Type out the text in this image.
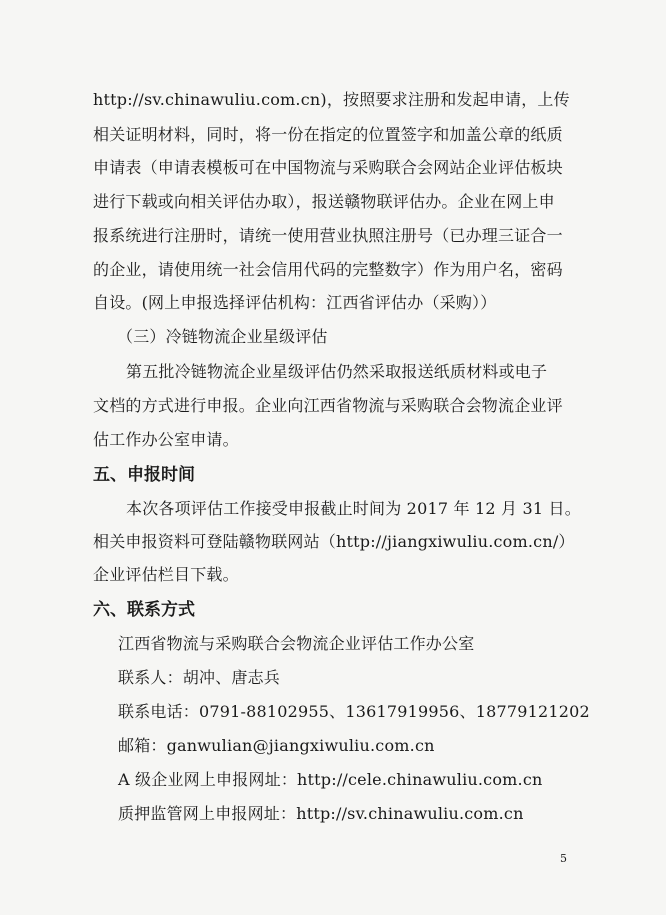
http://sv.chinawuliu.com.cn)，按照要求注册和发起申请，上传
相关证明材料，同时，将一份在指定的位置签字和加盖公章的纸质
申请表（申请表模板可在中国物流与采购联合会网站企业评估板块
进行下载或向相关评估办取），报送赣物联评估办。企业在网上申
报系统进行注册时，请统一使用营业执照注册号（已办理三证合一
的企业，请使用统一社会信用代码的完整数字）作为用户名，密码
自设。(网上申报选择评估机构：江西省评估办（采购））
（三）冷链物流企业星级评估
第五批冷链物流企业星级评估仍然采取报送纸质材料或电子
文档的方式进行申报。企业向江西省物流与采购联合会物流企业评
估工作办公室申请。
五、申报时间
本次各项评估工作接受申报截止时间为 2017 年 12 月 31 日。
相关申报资料可登陆赣物联网站（http://jiangxiwuliu.com.cn/）
企业评估栏目下载。
六、联系方式
江西省物流与采购联合会物流企业评估工作办公室
联系人：胡冲、唐志兵
联系电话：0791-88102955、13617919956、18779121202
邮箱：ganwulian@jiangxiwuliu.com.cn
A 级企业网上申报网址：http://cele.chinawuliu.com.cn
质押监管网上申报网址：http://sv.chinawuliu.com.cn
5
